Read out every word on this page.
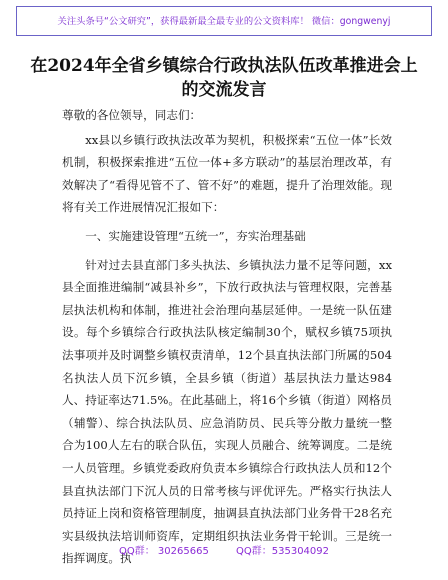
关注头条号“公文研究”，获得最新最全最专业的公文资料库！ 微信：gongwenyj
在2024年全省乡镇综合行政执法队伍改革推进会上的交流发言

尊敬的各位领导，同志们：

xx县以乡镇行政执法改革为契机，积极探索“五位一体”长效机制，积极探索推进“五位一体+多方联动”的基层治理改革，有效解决了“看得见管不了、管不好”的难题，提升了治理效能。现将有关工作进展情况汇报如下：

一、实施建设管理“五统一”，夯实治理基础

针对过去县直部门多头执法、乡镇执法力量不足等问题，xx县全面推进编制“减县补乡”，下放行政执法与管理权限，完善基层执法机构和体制，推进社会治理向基层延伸。一是统一队伍建设。每个乡镇综合行政执法队核定编制30个，赋权乡镇75项执法事项并及时调整乡镇权责清单，12个县直执法部门所属的504名执法人员下沉乡镇，全县乡镇（街道）基层执法力量达984人、持证率达71.5%。在此基础上，将16个乡镇（街道）网格员（辅警）、综合执法队员、应急消防员、民兵等分散力量统一整合为100人左右的联合队伍，实现人员融合、统筹调度。二是统一人员管理。乡镇党委政府负责本乡镇综合行政执法人员和12个县直执法部门下沉人员的日常考核与评优评先。严格实行执法人员持证上岗和资格管理制度，抽调县直执法部门业务骨干28名充实县级执法培训师资库，定期组织执法业务骨干轮训。三是统一指挥调度。执

QQ群： 30265665	QQ群：535304092
